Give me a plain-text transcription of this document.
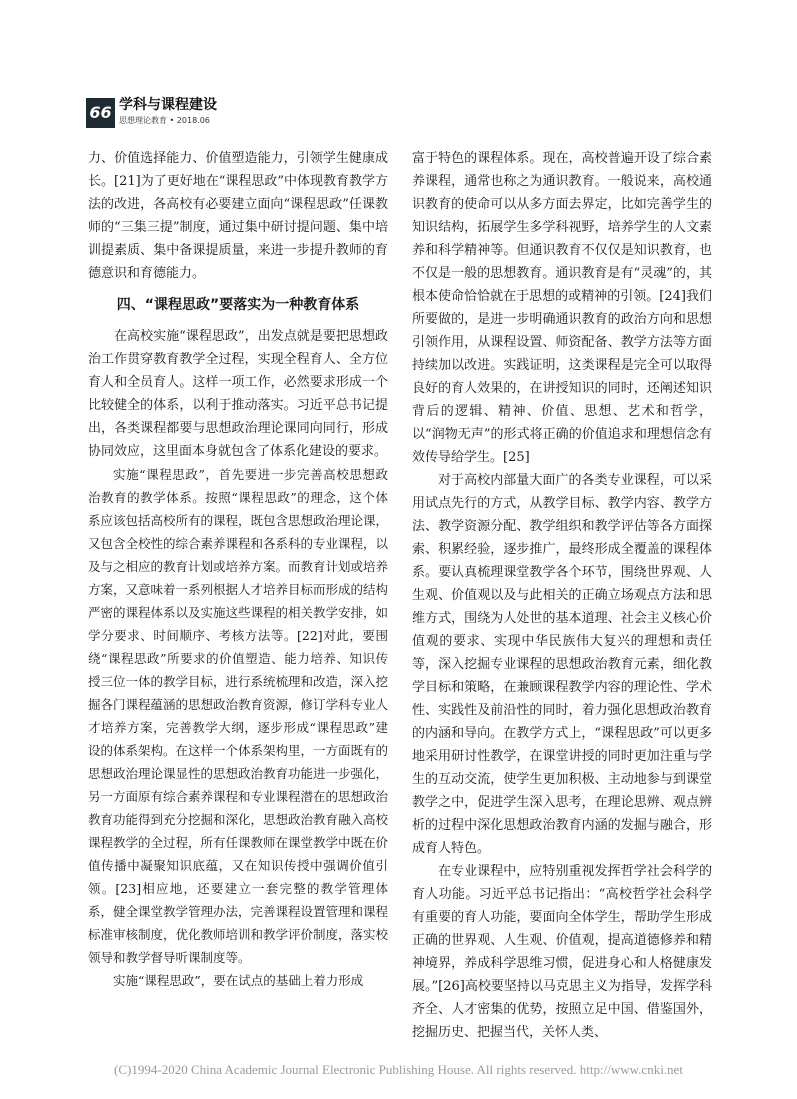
66 学科与课程建设
思想理论教育 • 2018.06

力、价值选择能力、价值塑造能力，引领学生健康成长。[21]为了更好地在“课程思政”中体现教育教学方法的改进，各高校有必要建立面向“课程思政”任课教师的“三集三提”制度，通过集中研讨提问题、集中培训提素质、集中备课提质量，来进一步提升教师的育德意识和育德能力。

四、“课程思政”要落实为一种教育体系

在高校实施“课程思政”，出发点就是要把思想政治工作贯穿教育教学全过程，实现全程育人、全方位育人和全员育人。这样一项工作，必然要求形成一个比较健全的体系，以利于推动落实。习近平总书记提出，各类课程都要与思想政治理论课同向同行，形成协同效应，这里面本身就包含了体系化建设的要求。

实施“课程思政”，首先要进一步完善高校思想政治教育的教学体系。按照“课程思政”的理念，这个体系应该包括高校所有的课程，既包含思想政治理论课，又包含全校性的综合素养课程和各系科的专业课程，以及与之相应的教育计划或培养方案。而教育计划或培养方案，又意味着一系列根据人才培养目标而形成的结构严密的课程体系以及实施这些课程的相关教学安排，如学分要求、时间顺序、考核方法等。[22]对此，要围绕“课程思政”所要求的价值塑造、能力培养、知识传授三位一体的教学目标，进行系统梳理和改造，深入挖掘各门课程蕴涵的思想政治教育资源，修订学科专业人才培养方案，完善教学大纲，逐步形成“课程思政”建设的体系架构。在这样一个体系架构里，一方面既有的思想政治理论课显性的思想政治教育功能进一步强化，另一方面原有综合素养课程和专业课程潜在的思想政治教育功能得到充分挖掘和深化，思想政治教育融入高校课程教学的全过程，所有任课教师在课堂教学中既在价值传播中凝聚知识底蕴，又在知识传授中强调价值引领。[23]相应地，还要建立一套完整的教学管理体系，健全课堂教学管理办法，完善课程设置管理和课程标准审核制度，优化教师培训和教学评价制度，落实校领导和教学督导听课制度等。

实施“课程思政”，要在试点的基础上着力形成

富于特色的课程体系。现在，高校普遍开设了综合素养课程，通常也称之为通识教育。一般说来，高校通识教育的使命可以从多方面去界定，比如完善学生的知识结构，拓展学生多学科视野，培养学生的人文素养和科学精神等。但通识教育不仅仅是知识教育，也不仅是一般的思想教育。通识教育是有“灵魂”的，其根本使命恰恰就在于思想的或精神的引领。[24]我们所要做的，是进一步明确通识教育的政治方向和思想引领作用，从课程设置、师资配备、教学方法等方面持续加以改进。实践证明，这类课程是完全可以取得良好的育人效果的，在讲授知识的同时，还阐述知识背后的逻辑、精神、价值、思想、艺术和哲学，以“润物无声”的形式将正确的价值追求和理想信念有效传导给学生。[25]

对于高校内部量大面广的各类专业课程，可以采用试点先行的方式，从教学目标、教学内容、教学方法、教学资源分配、教学组织和教学评估等各方面探索、积累经验，逐步推广，最终形成全覆盖的课程体系。要认真梳理课堂教学各个环节，围绕世界观、人生观、价值观以及与此相关的正确立场观点方法和思维方式，围绕为人处世的基本道理、社会主义核心价值观的要求、实现中华民族伟大复兴的理想和责任等，深入挖掘专业课程的思想政治教育元素，细化教学目标和策略，在兼顾课程教学内容的理论性、学术性、实践性及前沿性的同时，着力强化思想政治教育的内涵和导向。在教学方式上，“课程思政”可以更多地采用研讨性教学，在课堂讲授的同时更加注重与学生的互动交流，使学生更加积极、主动地参与到课堂教学之中，促进学生深入思考，在理论思辨、观点辨析的过程中深化思想政治教育内涵的发掘与融合，形成育人特色。

在专业课程中，应特别重视发挥哲学社会科学的育人功能。习近平总书记指出：“高校哲学社会科学有重要的育人功能，要面向全体学生，帮助学生形成正确的世界观、人生观、价值观，提高道德修养和精神境界，养成科学思维习惯，促进身心和人格健康发展。”[26]高校要坚持以马克思主义为指导，发挥学科齐全、人才密集的优势，按照立足中国、借鉴国外，挖掘历史、把握当代，关怀人类、

(C)1994-2020 China Academic Journal Electronic Publishing House. All rights reserved. http://www.cnki.net
